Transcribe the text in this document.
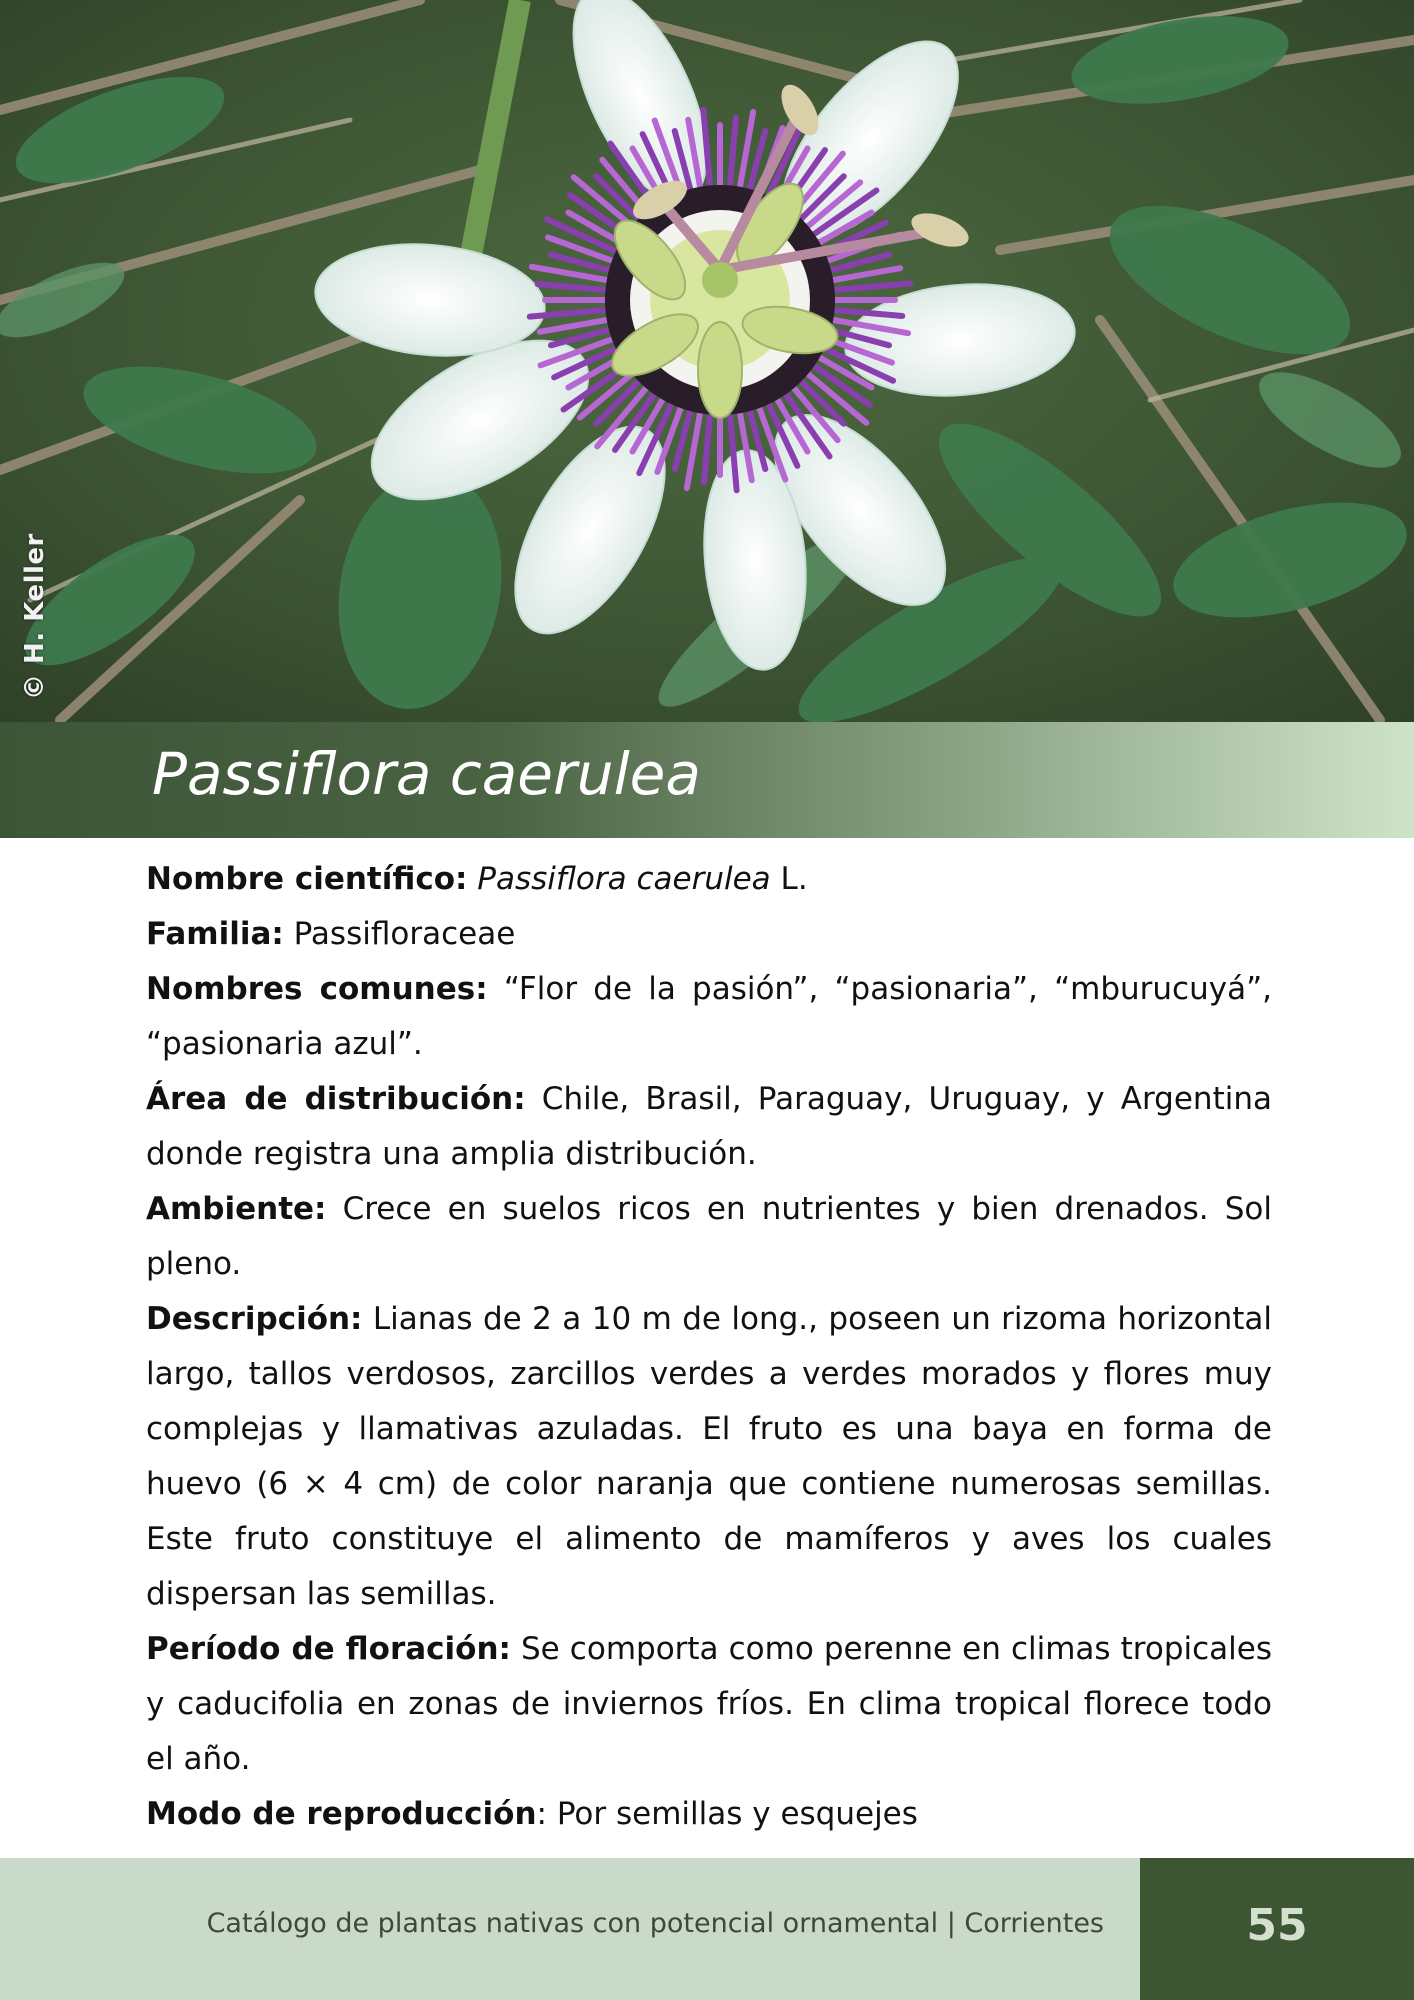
© H. Keller
Passiflora caerulea

Nombre científico: Passiflora caerulea L.

Familia: Passifloraceae

Nombres comunes: “Flor de la pasión”, “pasionaria”, “mburucuyá”, “pasionaria azul”.

Área de distribución: Chile, Brasil, Paraguay, Uruguay, y Argentina donde registra una amplia distribución.

Ambiente: Crece en suelos ricos en nutrientes y bien drenados. Sol pleno.

Descripción: Lianas de 2 a 10 m de long., poseen un rizoma horizontal largo, tallos verdosos, zarcillos verdes a verdes morados y flores muy complejas y llamativas azuladas. El fruto es una baya en forma de huevo (6 × 4 cm) de color naranja que contiene numerosas semillas. Este fruto constituye el alimento de mamíferos y aves los cuales dispersan las semillas.

Período de floración: Se comporta como perenne en climas tropicales y caducifolia en zonas de inviernos fríos. En clima tropical florece todo el año.

Modo de reproducción: Por semillas y esquejes

Catálogo de plantas nativas con potencial ornamental | Corrientes	55
